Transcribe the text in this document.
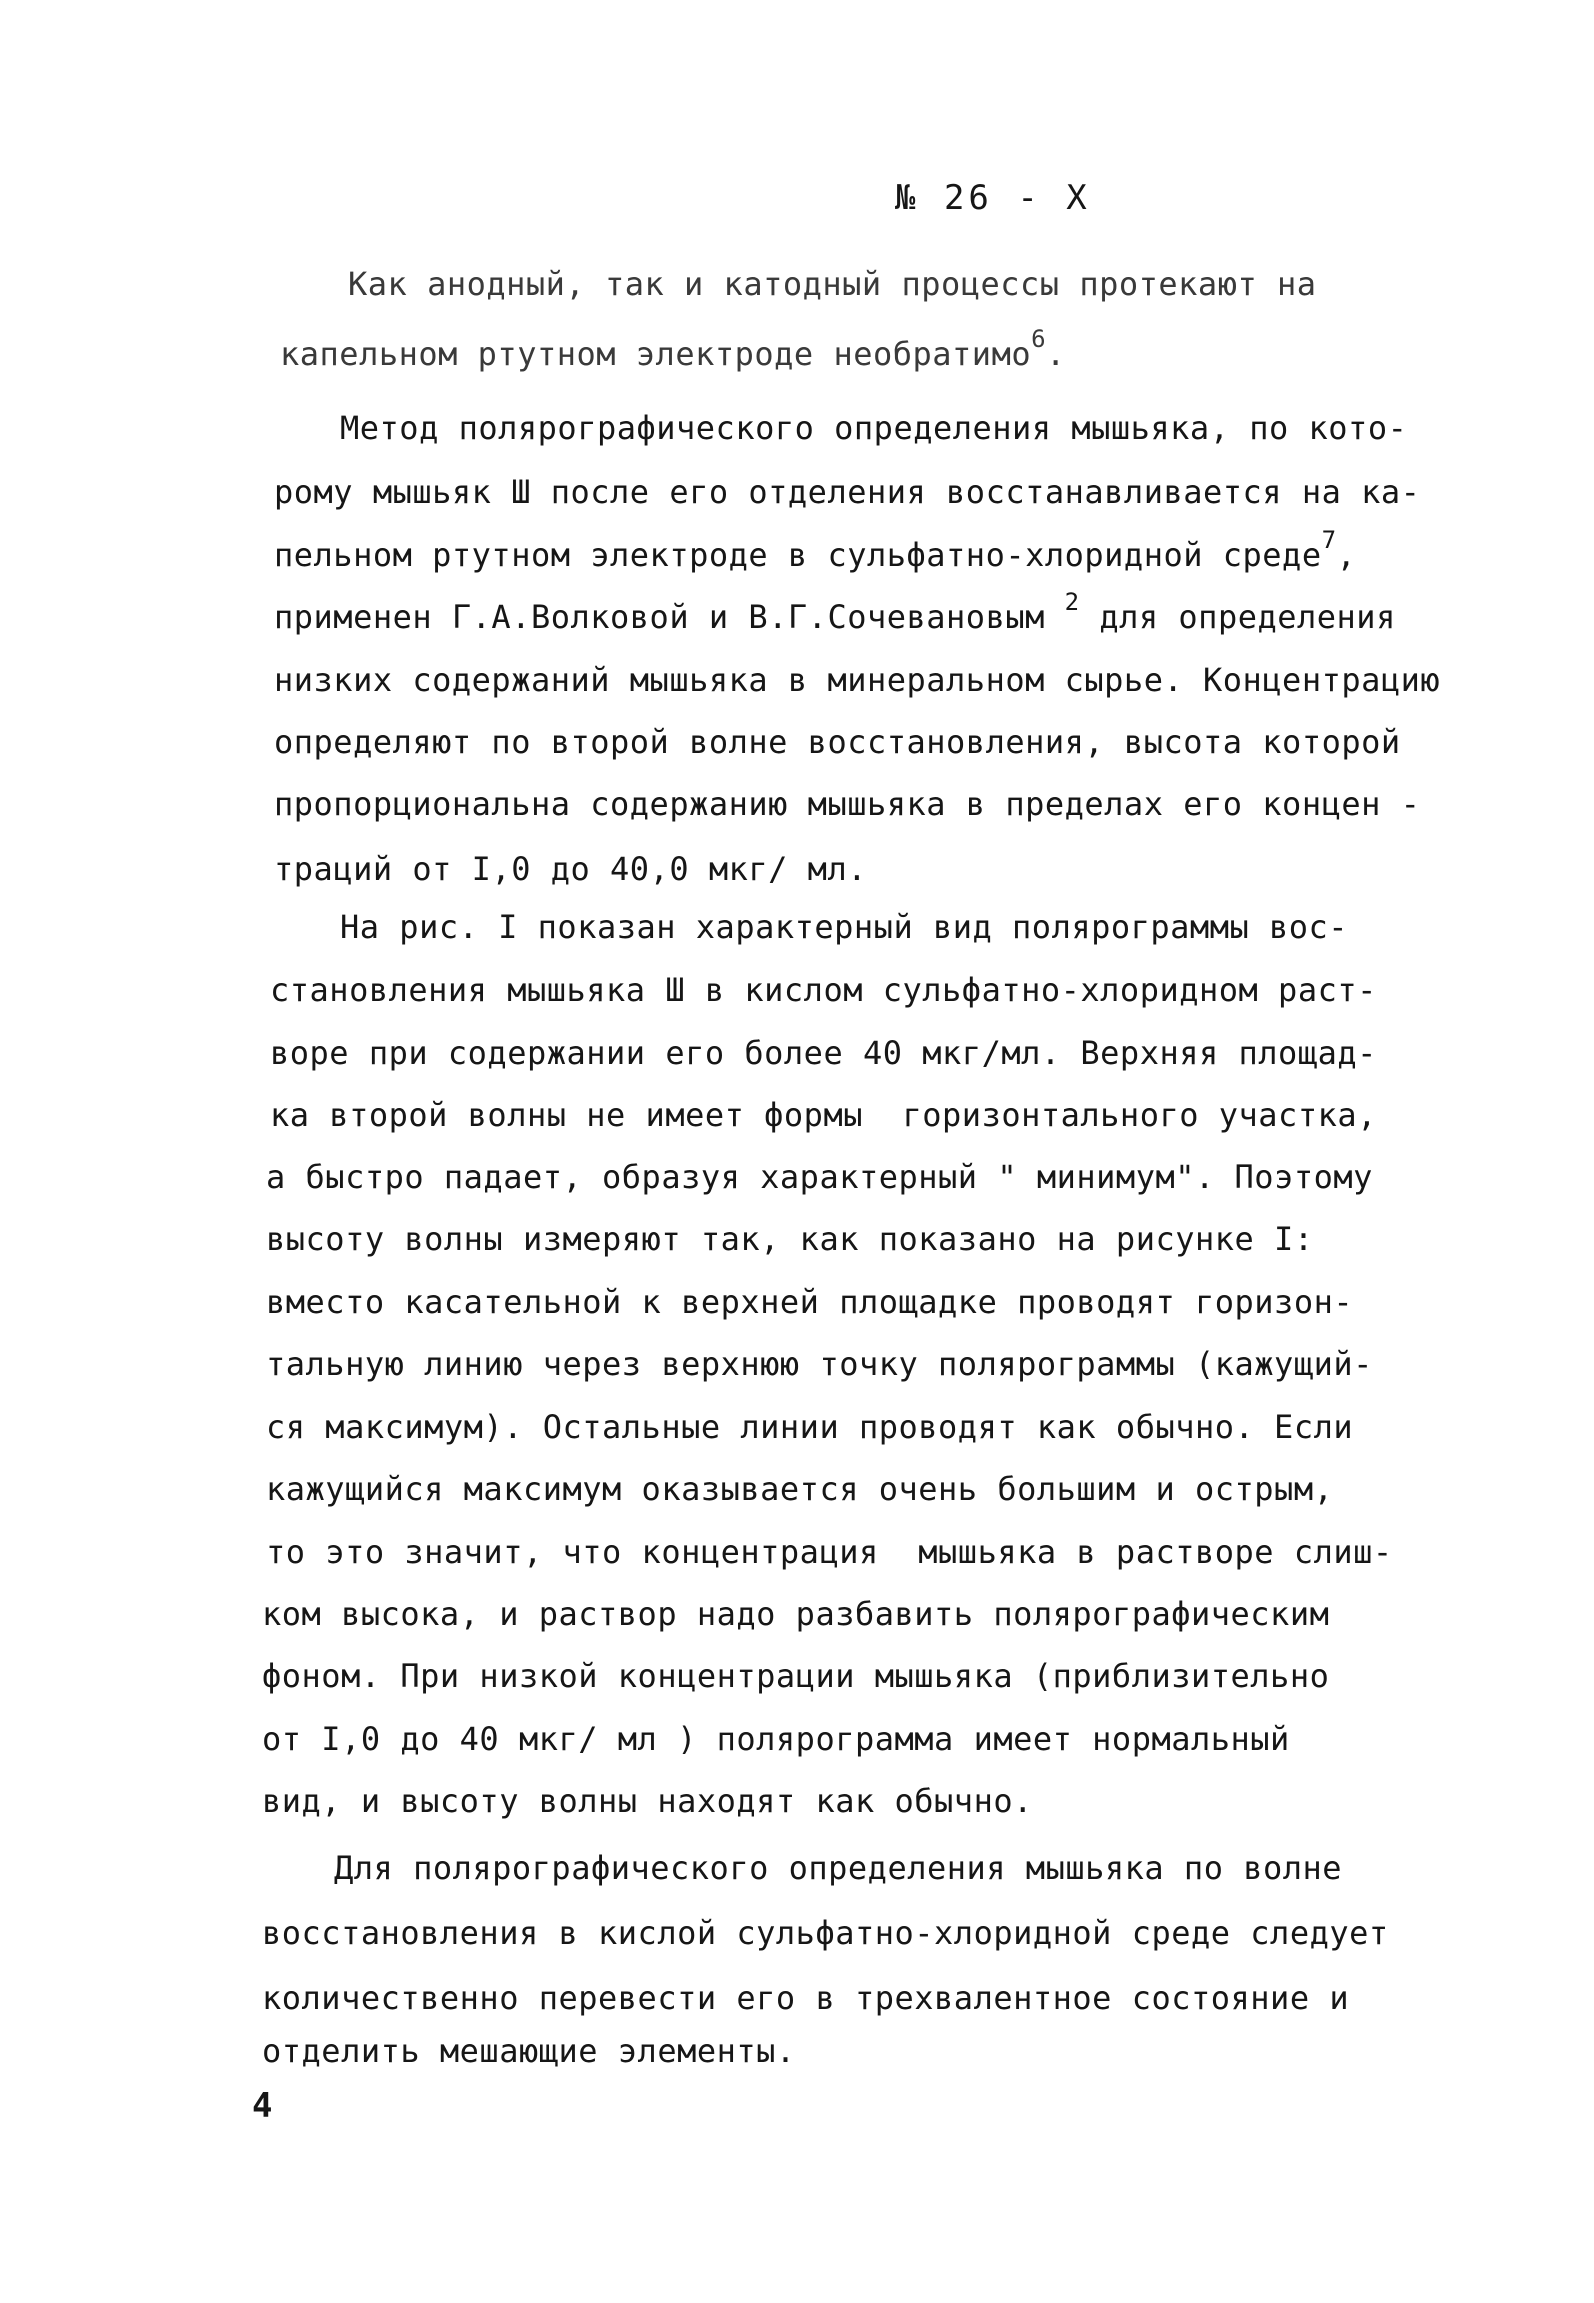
№ 26 - X
Как анодный, так и катодный процессы протекают на
капельном ртутном электроде необратимо$^6$.
Метод полярографического определения мышьяка, по кото-
рому мышьяк Ш после его отделения восстанавливается на ка-
пельном ртутном электроде в сульфатно-хлоридной среде$^7$,
применен Г.А.Волковой и В.Г.Сочевановым $^2$ для определения
низких содержаний мышьяка в минеральном сырье. Концентрацию
определяют по второй волне восстановления, высота которой
пропорциональна содержанию мышьяка в пределах его концен -
траций от I,0 до 40,0 мкг/ мл.
На рис. I показан характерный вид полярограммы вос-
становления мышьяка Ш в кислом сульфатно-хлоридном раст-
воре при содержании его более 40 мкг/мл. Верхняя площад-
ка второй волны не имеет формы  горизонтального участка,
а быстро падает, образуя характерный " минимум". Поэтому
высоту волны измеряют так, как показано на рисунке I:
вместо касательной к верхней площадке проводят горизон-
тальную линию через верхнюю точку полярограммы (кажущий-
ся максимум). Остальные линии проводят как обычно. Если
кажущийся максимум оказывается очень большим и острым,
то это значит, что концентрация  мышьяка в растворе слиш-
ком высока, и раствор надо разбавить полярографическим
фоном. При низкой концентрации мышьяка (приблизительно
от I,0 до 40 мкг/ мл ) полярограмма имеет нормальный
вид, и высоту волны находят как обычно.
Для полярографического определения мышьяка по волне
восстановления в кислой сульфатно-хлоридной среде следует
количественно перевести его в трехвалентное состояние и
отделить мешающие элементы.
4
